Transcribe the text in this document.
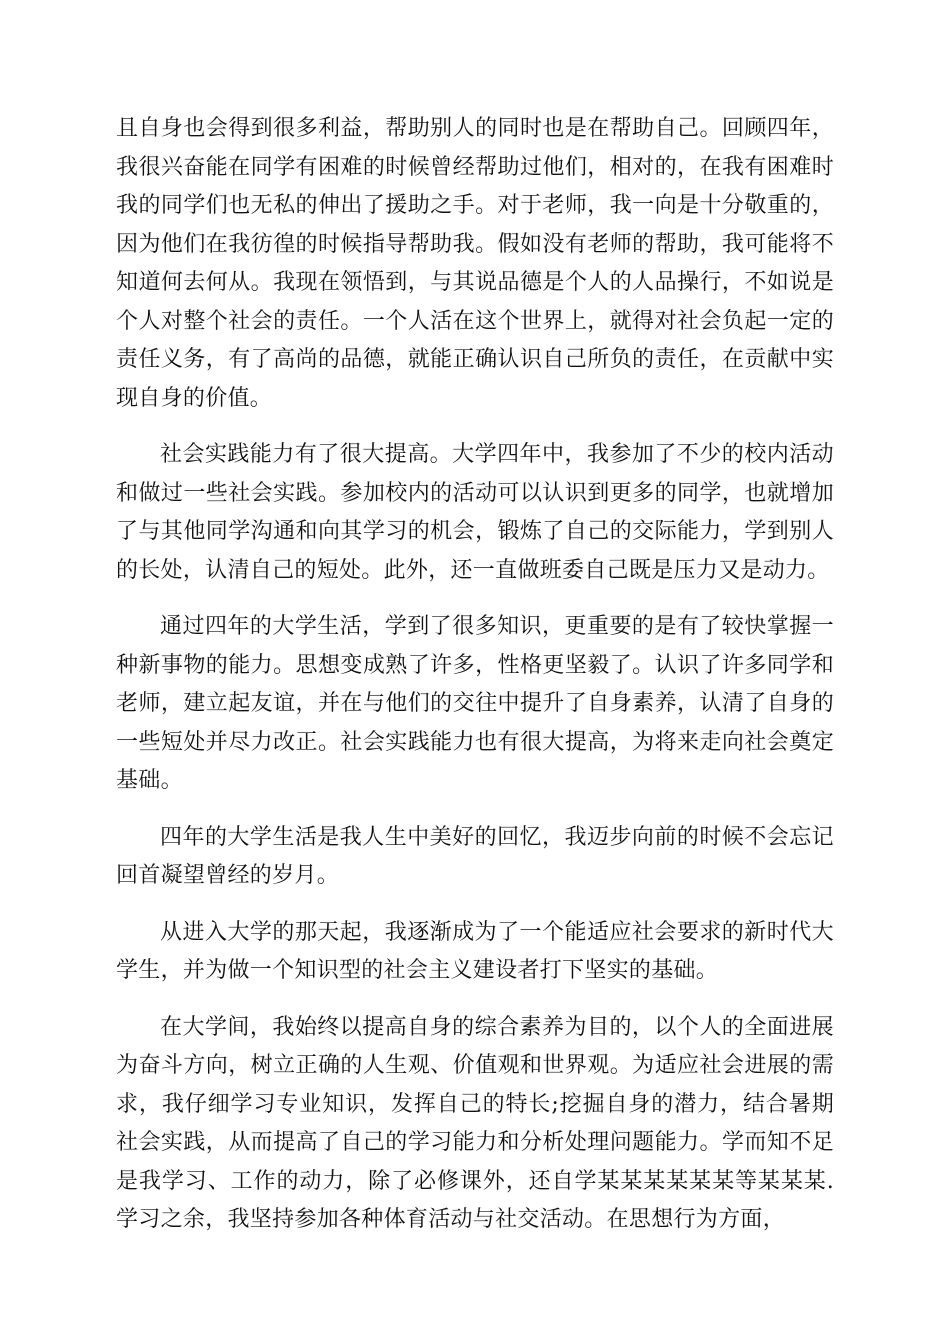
且自身也会得到很多利益，帮助别人的同时也是在帮助自己。回顾四年，我很兴奋能在同学有困难的时候曾经帮助过他们，相对的，在我有困难时我的同学们也无私的伸出了援助之手。对于老师，我一向是十分敬重的，因为他们在我彷徨的时候指导帮助我。假如没有老师的帮助，我可能将不知道何去何从。我现在领悟到，与其说品德是个人的人品操行，不如说是个人对整个社会的责任。一个人活在这个世界上，就得对社会负起一定的责任义务，有了高尚的品德，就能正确认识自己所负的责任，在贡献中实现自身的价值。

社会实践能力有了很大提高。大学四年中，我参加了不少的校内活动和做过一些社会实践。参加校内的活动可以认识到更多的同学，也就增加了与其他同学沟通和向其学习的机会，锻炼了自己的交际能力，学到别人的长处，认清自己的短处。此外，还一直做班委自己既是压力又是动力。

通过四年的大学生活，学到了很多知识，更重要的是有了较快掌握一种新事物的能力。思想变成熟了许多，性格更坚毅了。认识了许多同学和老师，建立起友谊，并在与他们的交往中提升了自身素养，认清了自身的一些短处并尽力改正。社会实践能力也有很大提高，为将来走向社会奠定基础。

四年的大学生活是我人生中美好的回忆，我迈步向前的时候不会忘记回首凝望曾经的岁月。

从进入大学的那天起，我逐渐成为了一个能适应社会要求的新时代大学生，并为做一个知识型的社会主义建设者打下坚实的基础。

在大学间，我始终以提高自身的综合素养为目的，以个人的全面进展为奋斗方向，树立正确的人生观、价值观和世界观。为适应社会进展的需求，我仔细学习专业知识，发挥自己的特长;挖掘自身的潜力，结合暑期社会实践，从而提高了自己的学习能力和分析处理问题能力。学而知不足是我学习、工作的动力，除了必修课外，还自学某某某某某某等某某某. 学习之余，我坚持参加各种体育活动与社交活动。在思想行为方面，
